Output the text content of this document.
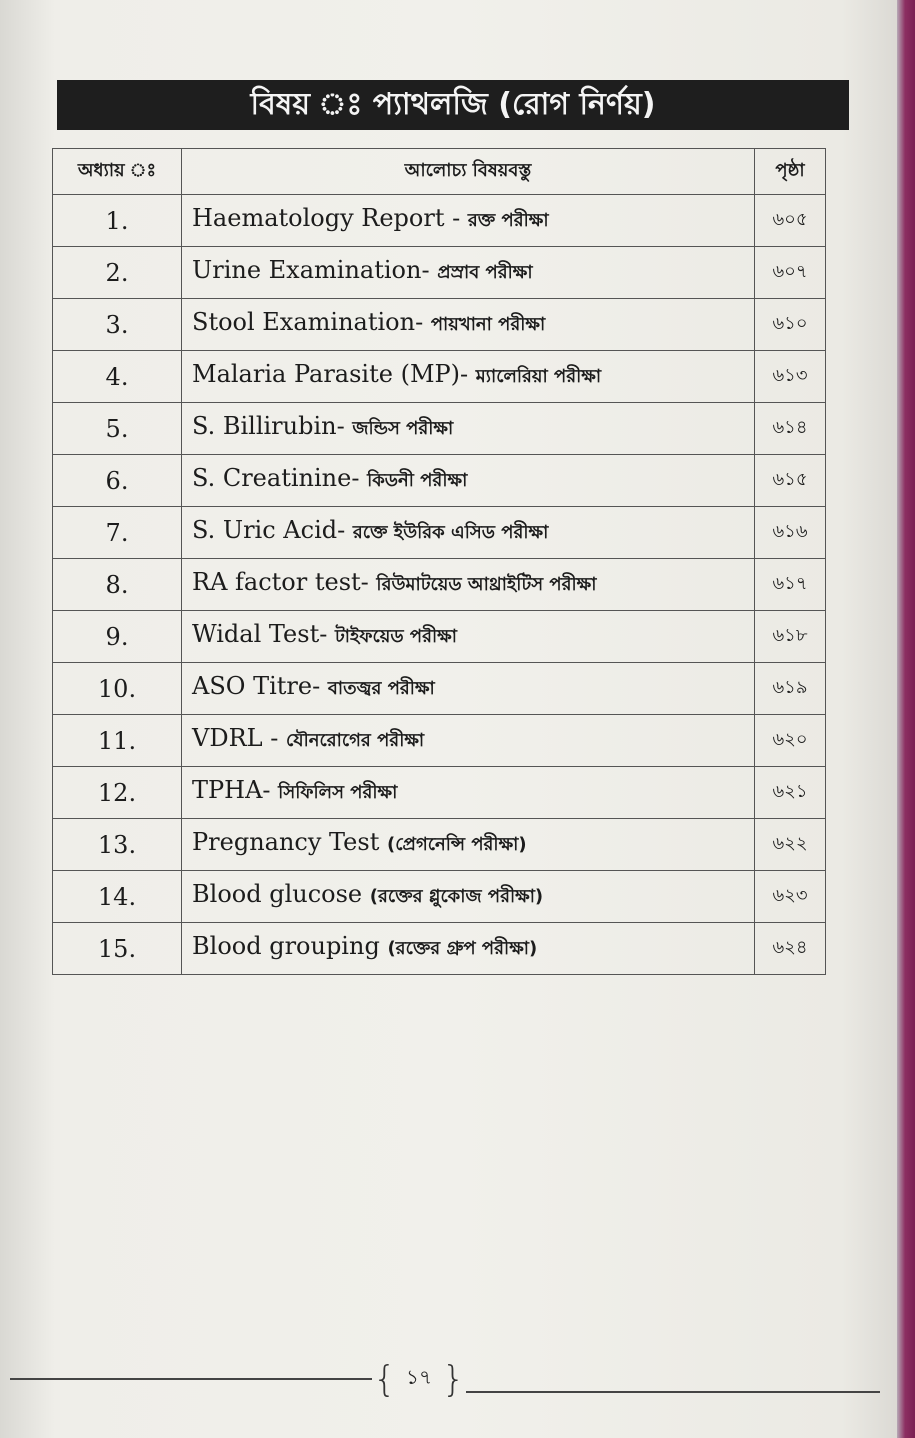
বিষয় ঃ প্যাথলজি (রোগ নির্ণয়)
অধ্যায় ঃ	আলোচ্য বিষয়বস্তু	পৃষ্ঠা
1.	Haematology Report - রক্ত পরীক্ষা	৬০৫
2.	Urine Examination- প্রস্রাব পরীক্ষা	৬০৭
3.	Stool Examination- পায়খানা পরীক্ষা	৬১০
4.	Malaria Parasite (MP)- ম্যালেরিয়া পরীক্ষা	৬১৩
5.	S. Billirubin- জন্ডিস পরীক্ষা	৬১৪
6.	S. Creatinine- কিডনী পরীক্ষা	৬১৫
7.	S. Uric Acid- রক্তে ইউরিক এসিড পরীক্ষা	৬১৬
8.	RA factor test- রিউমাটয়েড আথ্রাইটিস পরীক্ষা	৬১৭
9.	Widal Test- টাইফয়েড পরীক্ষা	৬১৮
10.	ASO Titre- বাতজ্বর পরীক্ষা	৬১৯
11.	VDRL - যৌনরোগের পরীক্ষা	৬২০
12.	TPHA- সিফিলিস পরীক্ষা	৬২১
13.	Pregnancy Test (প্রেগনেন্সি পরীক্ষা)	৬২২
14.	Blood glucose (রক্তের গ্লুকোজ পরীক্ষা)	৬২৩
15.	Blood grouping (রক্তের গ্রুপ পরীক্ষা)	৬২৪
{ ১৭ }
